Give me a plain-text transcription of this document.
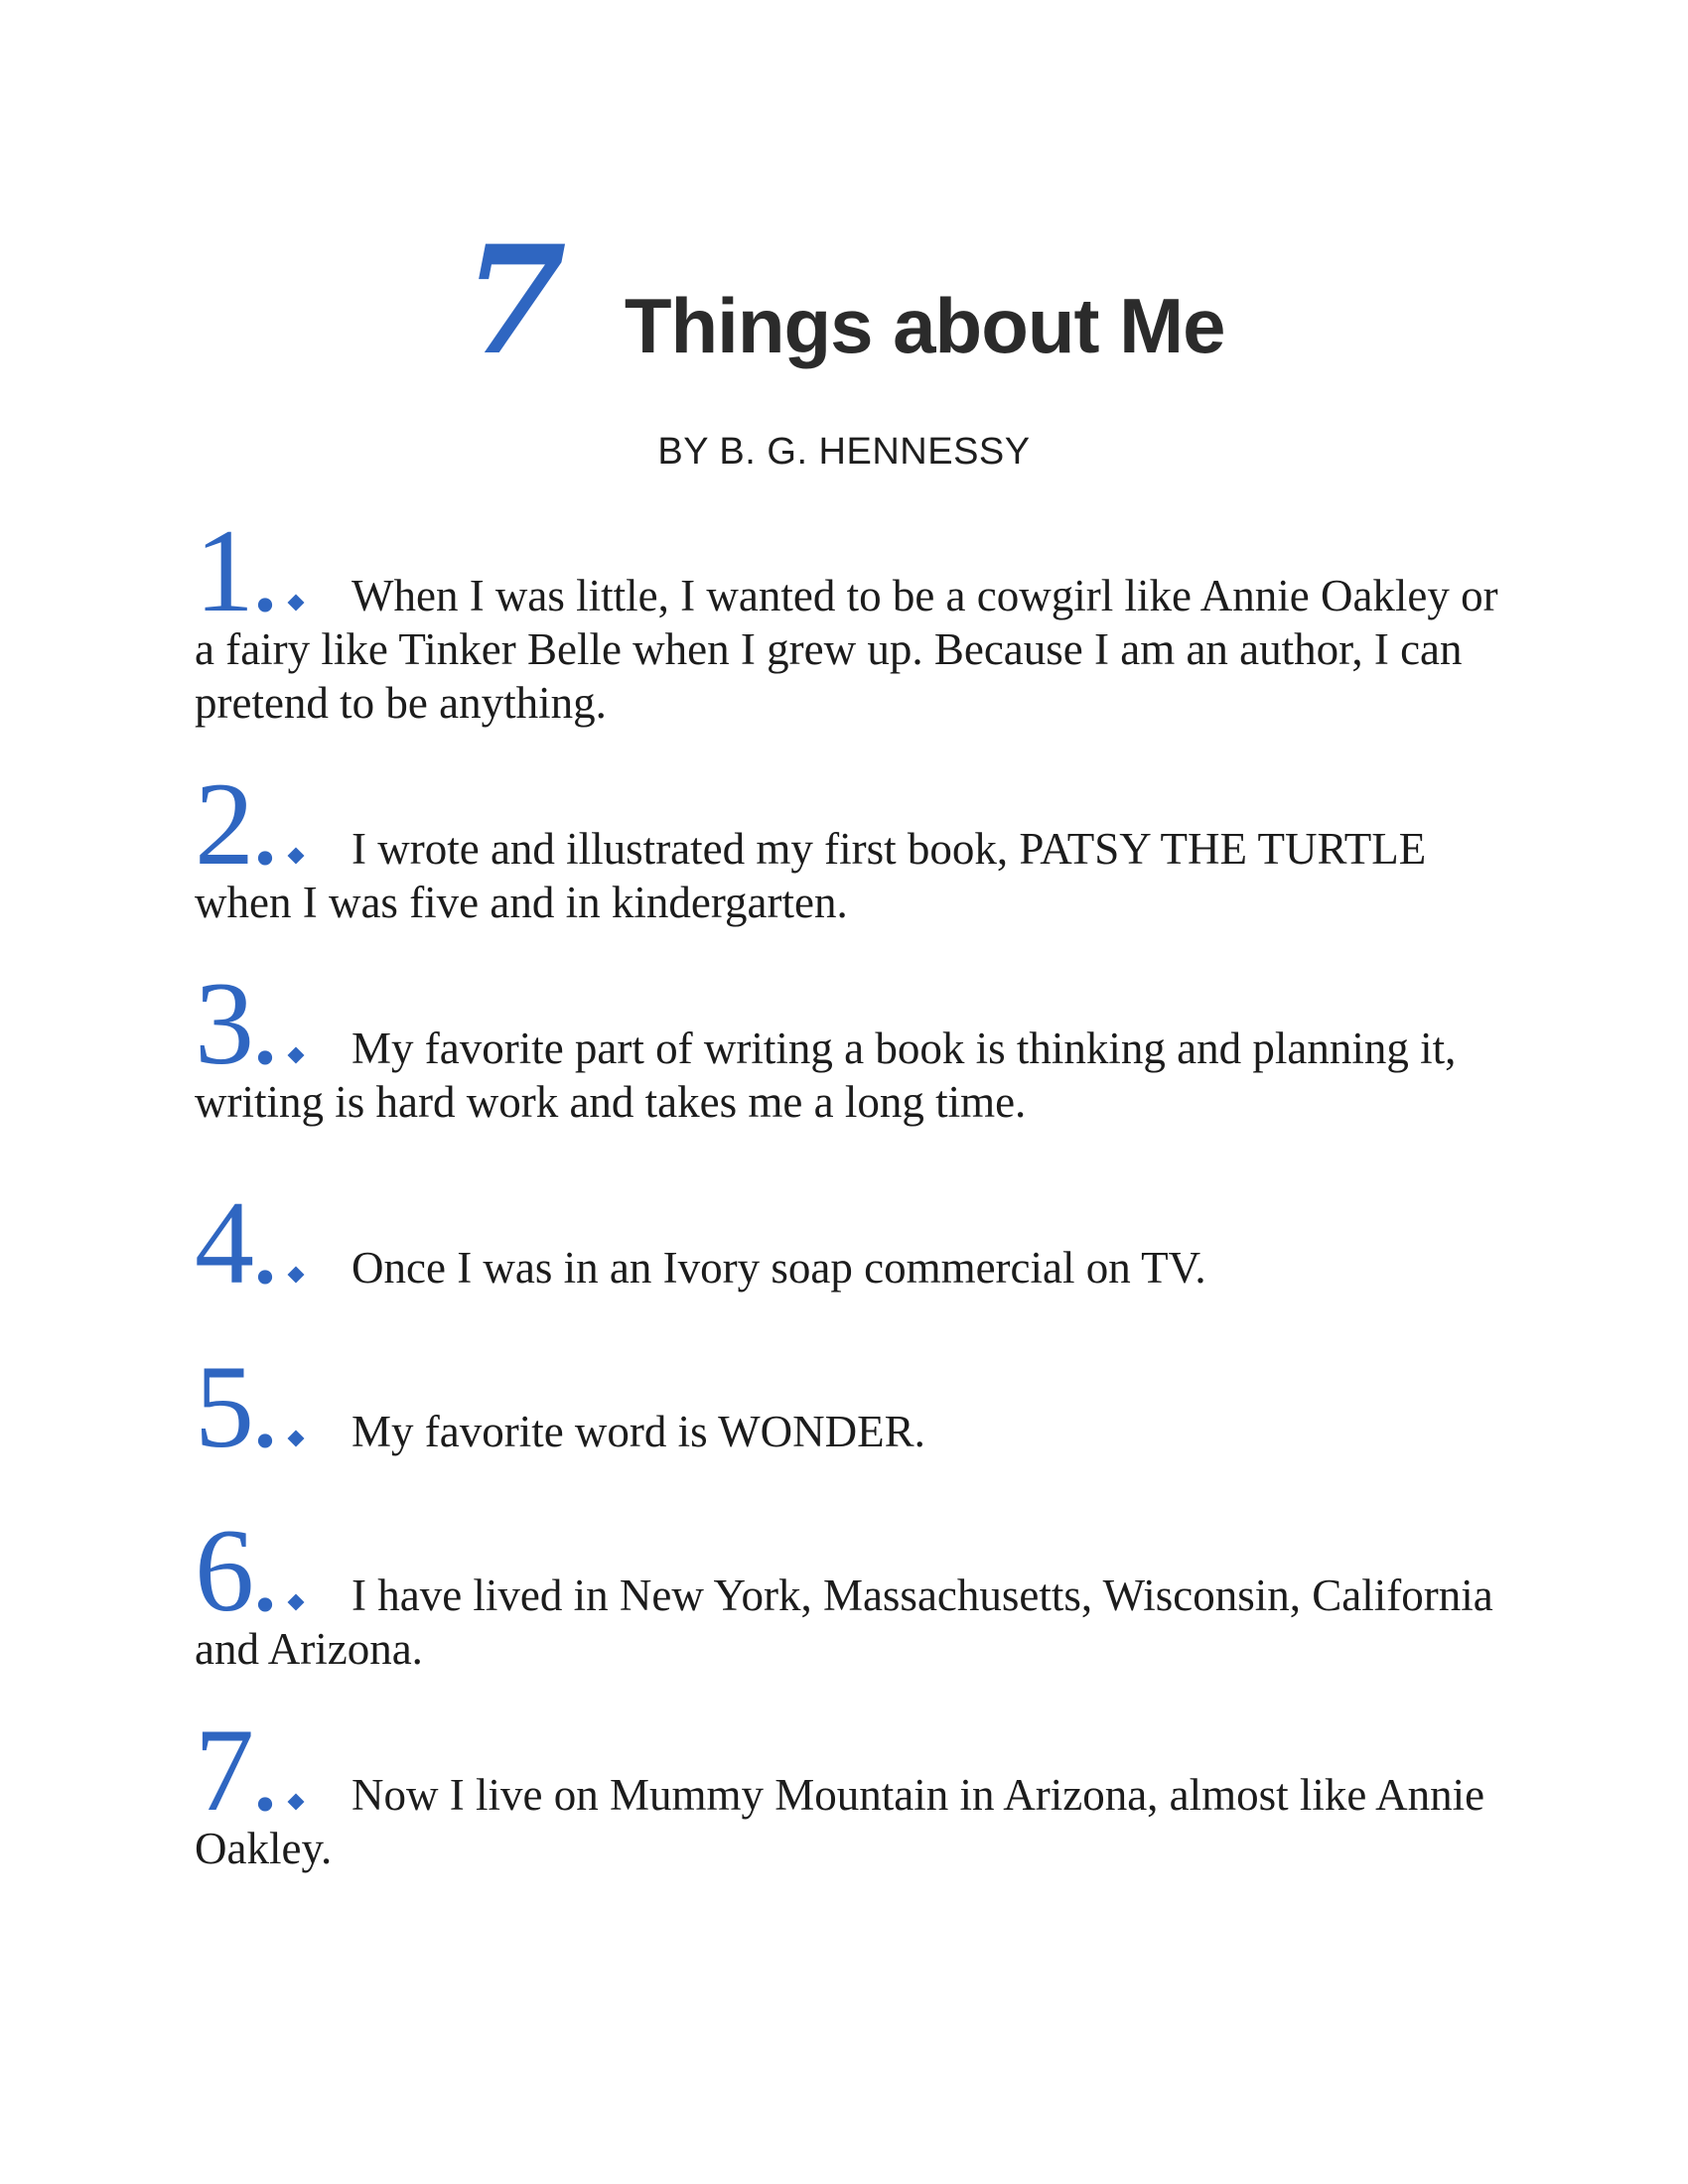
7 Things about Me
BY B. G. HENNESSY

1. When I was little, I wanted to be a cowgirl like Annie Oakley or a fairy like Tinker Belle when I grew up. Because I am an author, I can pretend to be anything.

2. I wrote and illustrated my first book, PATSY THE TURTLE when I was five and in kindergarten.

3. My favorite part of writing a book is thinking and planning it, writing is hard work and takes me a long time.

4. Once I was in an Ivory soap commercial on TV.

5. My favorite word is WONDER.

6. I have lived in New York, Massachusetts, Wisconsin, California and Arizona.

7. Now I live on Mummy Mountain in Arizona, almost like Annie Oakley.
